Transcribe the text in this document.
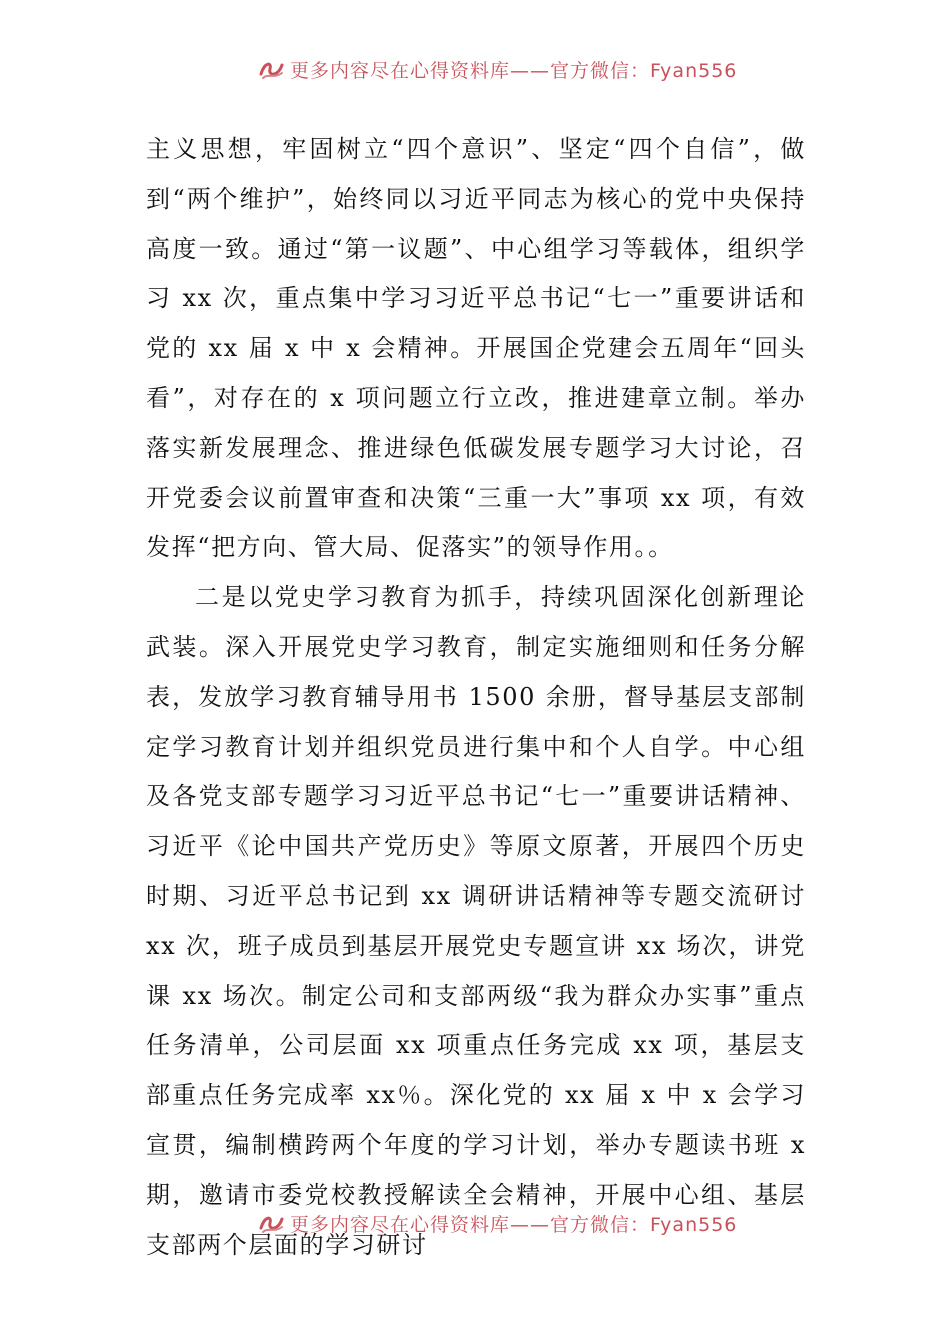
更多内容尽在心得资料库——官方微信：Fyan556

主义思想，牢固树立“四个意识”、坚定“四个自信”，做到“两个维护”，始终同以习近平同志为核心的党中央保持高度一致。通过“第一议题”、中心组学习等载体，组织学习 xx 次，重点集中学习习近平总书记“七一”重要讲话和党的 xx 届 x 中 x 会精神。开展国企党建会五周年“回头看”，对存在的 x 项问题立行立改，推进建章立制。举办落实新发展理念、推进绿色低碳发展专题学习大讨论，召开党委会议前置审查和决策“三重一大”事项 xx 项，有效发挥“把方向、管大局、促落实”的领导作用。。

二是以党史学习教育为抓手，持续巩固深化创新理论武装。深入开展党史学习教育，制定实施细则和任务分解表，发放学习教育辅导用书 1500 余册，督导基层支部制定学习教育计划并组织党员进行集中和个人自学。中心组及各党支部专题学习习近平总书记“七一”重要讲话精神、习近平《论中国共产党历史》等原文原著，开展四个历史时期、习近平总书记到 xx 调研讲话精神等专题交流研讨 xx 次，班子成员到基层开展党史专题宣讲 xx 场次，讲党课 xx 场次。制定公司和支部两级“我为群众办实事”重点任务清单，公司层面 xx 项重点任务完成 xx 项，基层支部重点任务完成率 xx％。深化党的 xx 届 x 中 x 会学习宣贯，编制横跨两个年度的学习计划，举办专题读书班 x 期，邀请市委党校教授解读全会精神，开展中心组、基层支部两个层面的学习研讨

更多内容尽在心得资料库——官方微信：Fyan556
